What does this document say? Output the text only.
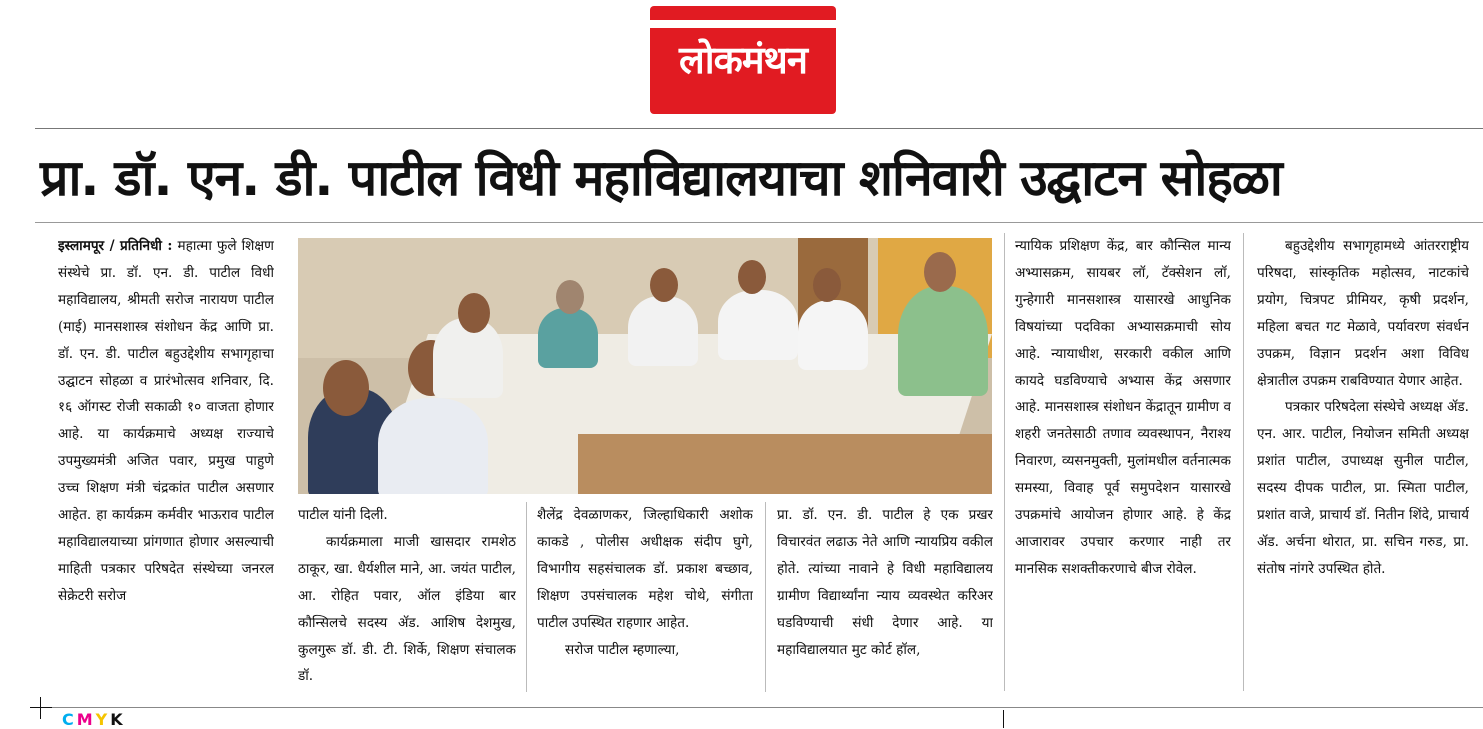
लोकमंथन
प्रा. डॉ. एन. डी. पाटील विधी महाविद्यालयाचा शनिवारी उद्घाटन सोहळा

इस्लामपूर / प्रतिनिधी : महात्मा फुले शिक्षण संस्थेचे प्रा. डॉ. एन. डी. पाटील विधी महाविद्यालय, श्रीमती सरोज नारायण पाटील (माई) मानसशास्त्र संशोधन केंद्र आणि प्रा. डॉ. एन. डी. पाटील बहुउद्देशीय सभागृहाचा उद्घाटन सोहळा व प्रारंभोत्सव शनिवार, दि. १६ ऑगस्ट रोजी सकाळी १० वाजता होणार आहे. या कार्यक्रमाचे अध्यक्ष राज्याचे उपमुख्यमंत्री अजित पवार, प्रमुख पाहुणे उच्च शिक्षण मंत्री चंद्रकांत पाटील असणार आहेत. हा कार्यक्रम कर्मवीर भाऊराव पाटील महाविद्यालयाच्या प्रांगणात होणार असल्याची माहिती पत्रकार परिषदेत संस्थेच्या जनरल सेक्रेटरी सरोज

पाटील यांनी दिली.

कार्यक्रमाला माजी खासदार रामशेठ ठाकूर, खा. धैर्यशील माने, आ. जयंत पाटील, आ. रोहित पवार, ऑल इंडिया बार कौन्सिलचे सदस्य ॲड. आशिष देशमुख, कुलगुरू डॉ. डी. टी. शिर्के, शिक्षण संचालक डॉ.

शैलेंद्र देवळाणकर, जिल्हाधिकारी अशोक काकडे , पोलीस अधीक्षक संदीप घुगे, विभागीय सहसंचालक डॉ. प्रकाश बच्छाव, शिक्षण उपसंचालक महेश चोथे, संगीता पाटील उपस्थित राहणार आहेत.

सरोज पाटील म्हणाल्या,

प्रा. डॉ. एन. डी. पाटील हे एक प्रखर विचारवंत लढाऊ नेते आणि न्यायप्रिय वकील होते. त्यांच्या नावाने हे विधी महाविद्यालय ग्रामीण विद्यार्थ्यांना न्याय व्यवस्थेत करिअर घडविण्याची संधी देणार आहे. या महाविद्यालयात मुट कोर्ट हॉल,

न्यायिक प्रशिक्षण केंद्र, बार कौन्सिल मान्य अभ्यासक्रम, सायबर लॉ, टॅक्सेशन लॉ, गुन्हेगारी मानसशास्त्र यासारखे आधुनिक विषयांच्या पदविका अभ्यासक्रमाची सोय आहे. न्यायाधीश, सरकारी वकील आणि कायदे घडविण्याचे अभ्यास केंद्र असणार आहे. मानसशास्त्र संशोधन केंद्रातून ग्रामीण व शहरी जनतेसाठी तणाव व्यवस्थापन, नैराश्य निवारण, व्यसनमुक्ती, मुलांमधील वर्तनात्मक समस्या, विवाह पूर्व समुपदेशन यासारखे उपक्रमांचे आयोजन होणार आहे. हे केंद्र आजारावर उपचार करणार नाही तर मानसिक सशक्तीकरणाचे बीज रोवेल.

बहुउद्देशीय सभागृहामध्ये आंतरराष्ट्रीय परिषदा, सांस्कृतिक महोत्सव, नाटकांचे प्रयोग, चित्रपट प्रीमियर, कृषी प्रदर्शन, महिला बचत गट मेळावे, पर्यावरण संवर्धन उपक्रम, विज्ञान प्रदर्शन अशा विविध क्षेत्रातील उपक्रम राबविण्यात येणार आहेत.

पत्रकार परिषदेला संस्थेचे अध्यक्ष ॲड. एन. आर. पाटील, नियोजन समिती अध्यक्ष प्रशांत पाटील, उपाध्यक्ष सुनील पाटील, सदस्य दीपक पाटील, प्रा. स्मिता पाटील, प्रशांत वाजे, प्राचार्य डॉ. नितीन शिंदे, प्राचार्य ॲड. अर्चना थोरात, प्रा. सचिन गरुड, प्रा. संतोष नांगरे उपस्थित होते.

CMYK
